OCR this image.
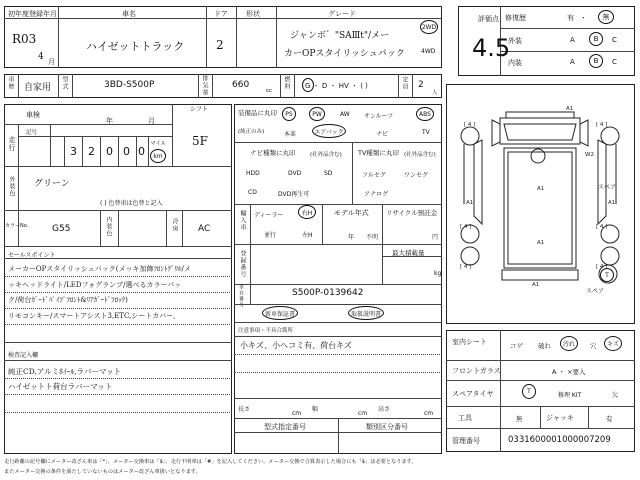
初年度登録年月
R03
4 月
車名
ハイゼットトラック
ドア
2
形状	グレード
ジャンボ゛"SAⅢt"/メー
カーOPスタイリッシュパック
2WD
4WD
評価点
4.5
修復歴	有 ・ 無
外装	A	B C
内装	A	B C
車歴 自家用 型式	3BD-S500P	排気量	660
cc
燃料 G ・ D ・ HV ・ ( )	定員 2
人
車検
年	月
シフト
5F
走行
記号
3 2 0 0 0
マイル
km
外装色 グリーン
( ) 色替車は色替と記入
カラーNo.	G55	内装色	冷房 AC
セールスポイント
メーカーOPスタイリッシュパック(メッキ加飾ﾌﾛﾝﾄｸﾞﾘﾙ/メ
ッキヘッドライト/LEDフォグランプ/選べるカラーパッ
ク/荷台ｶﾞｰﾄﾞﾊﾟｲﾌﾟﾌﾛﾝﾄ&ﾘｱｶﾞｰﾄﾞﾌﾛｯｸ)
リモコンキー/スマートアシスト3,ETC,シートカバー、
検査記入欄
純正CD,アルミﾎｲｰﾙ,ラバーマット
ハイゼットト荷台ラバーマット
装備品に丸印
(純正のみ)
PS	PW	AW サンルーフ	ABS
本革	エアバック	ナビ	TV
ナビ種類に丸印	(社外品含む)
HDD	DVD	SD
CD	DVD再生可
TV種類に丸印 (社外品含む)
フルセグ	ワンセグ
アナログ
輸入車 ディーラー	右H
並行	左H
モデル年式
年 不明
リサイクル預託金
円
登録番号	最大積載量
kg
車台番号	S500P-0139642
新車保証書	取扱説明書
注意事項・不具合箇所
小キズ、小ヘコミ有、荷台キズ
長さ
cm
幅
cm
高さ
cm
型式指定番号	類別区分番号
A1
W2
A1
A1	A1
A1
A1
[ 4 ]	[ 4 ]
[ 4 ]	[ 4 ]
[ 4 ]	[ 4 ]
スペア
スペア
T
室内シート	コゲ 破れ 汚れ 穴 キズ
フロントガラス	A ・ ×要入
スペアタイヤ	T
修理 KIT	欠
工具	無	ジャッキ	有
管理番号	0331600001000007209
走行距離の記号欄にメーター改ざん車は「*」、メーター交換車は「$」、走行不明車は「#」を記入してください。メーター交換で合算表示した場合にも「$」は必要となります。
またメーター交換の条件を満たしていないものはメーター改ざん車扱いとなります。
